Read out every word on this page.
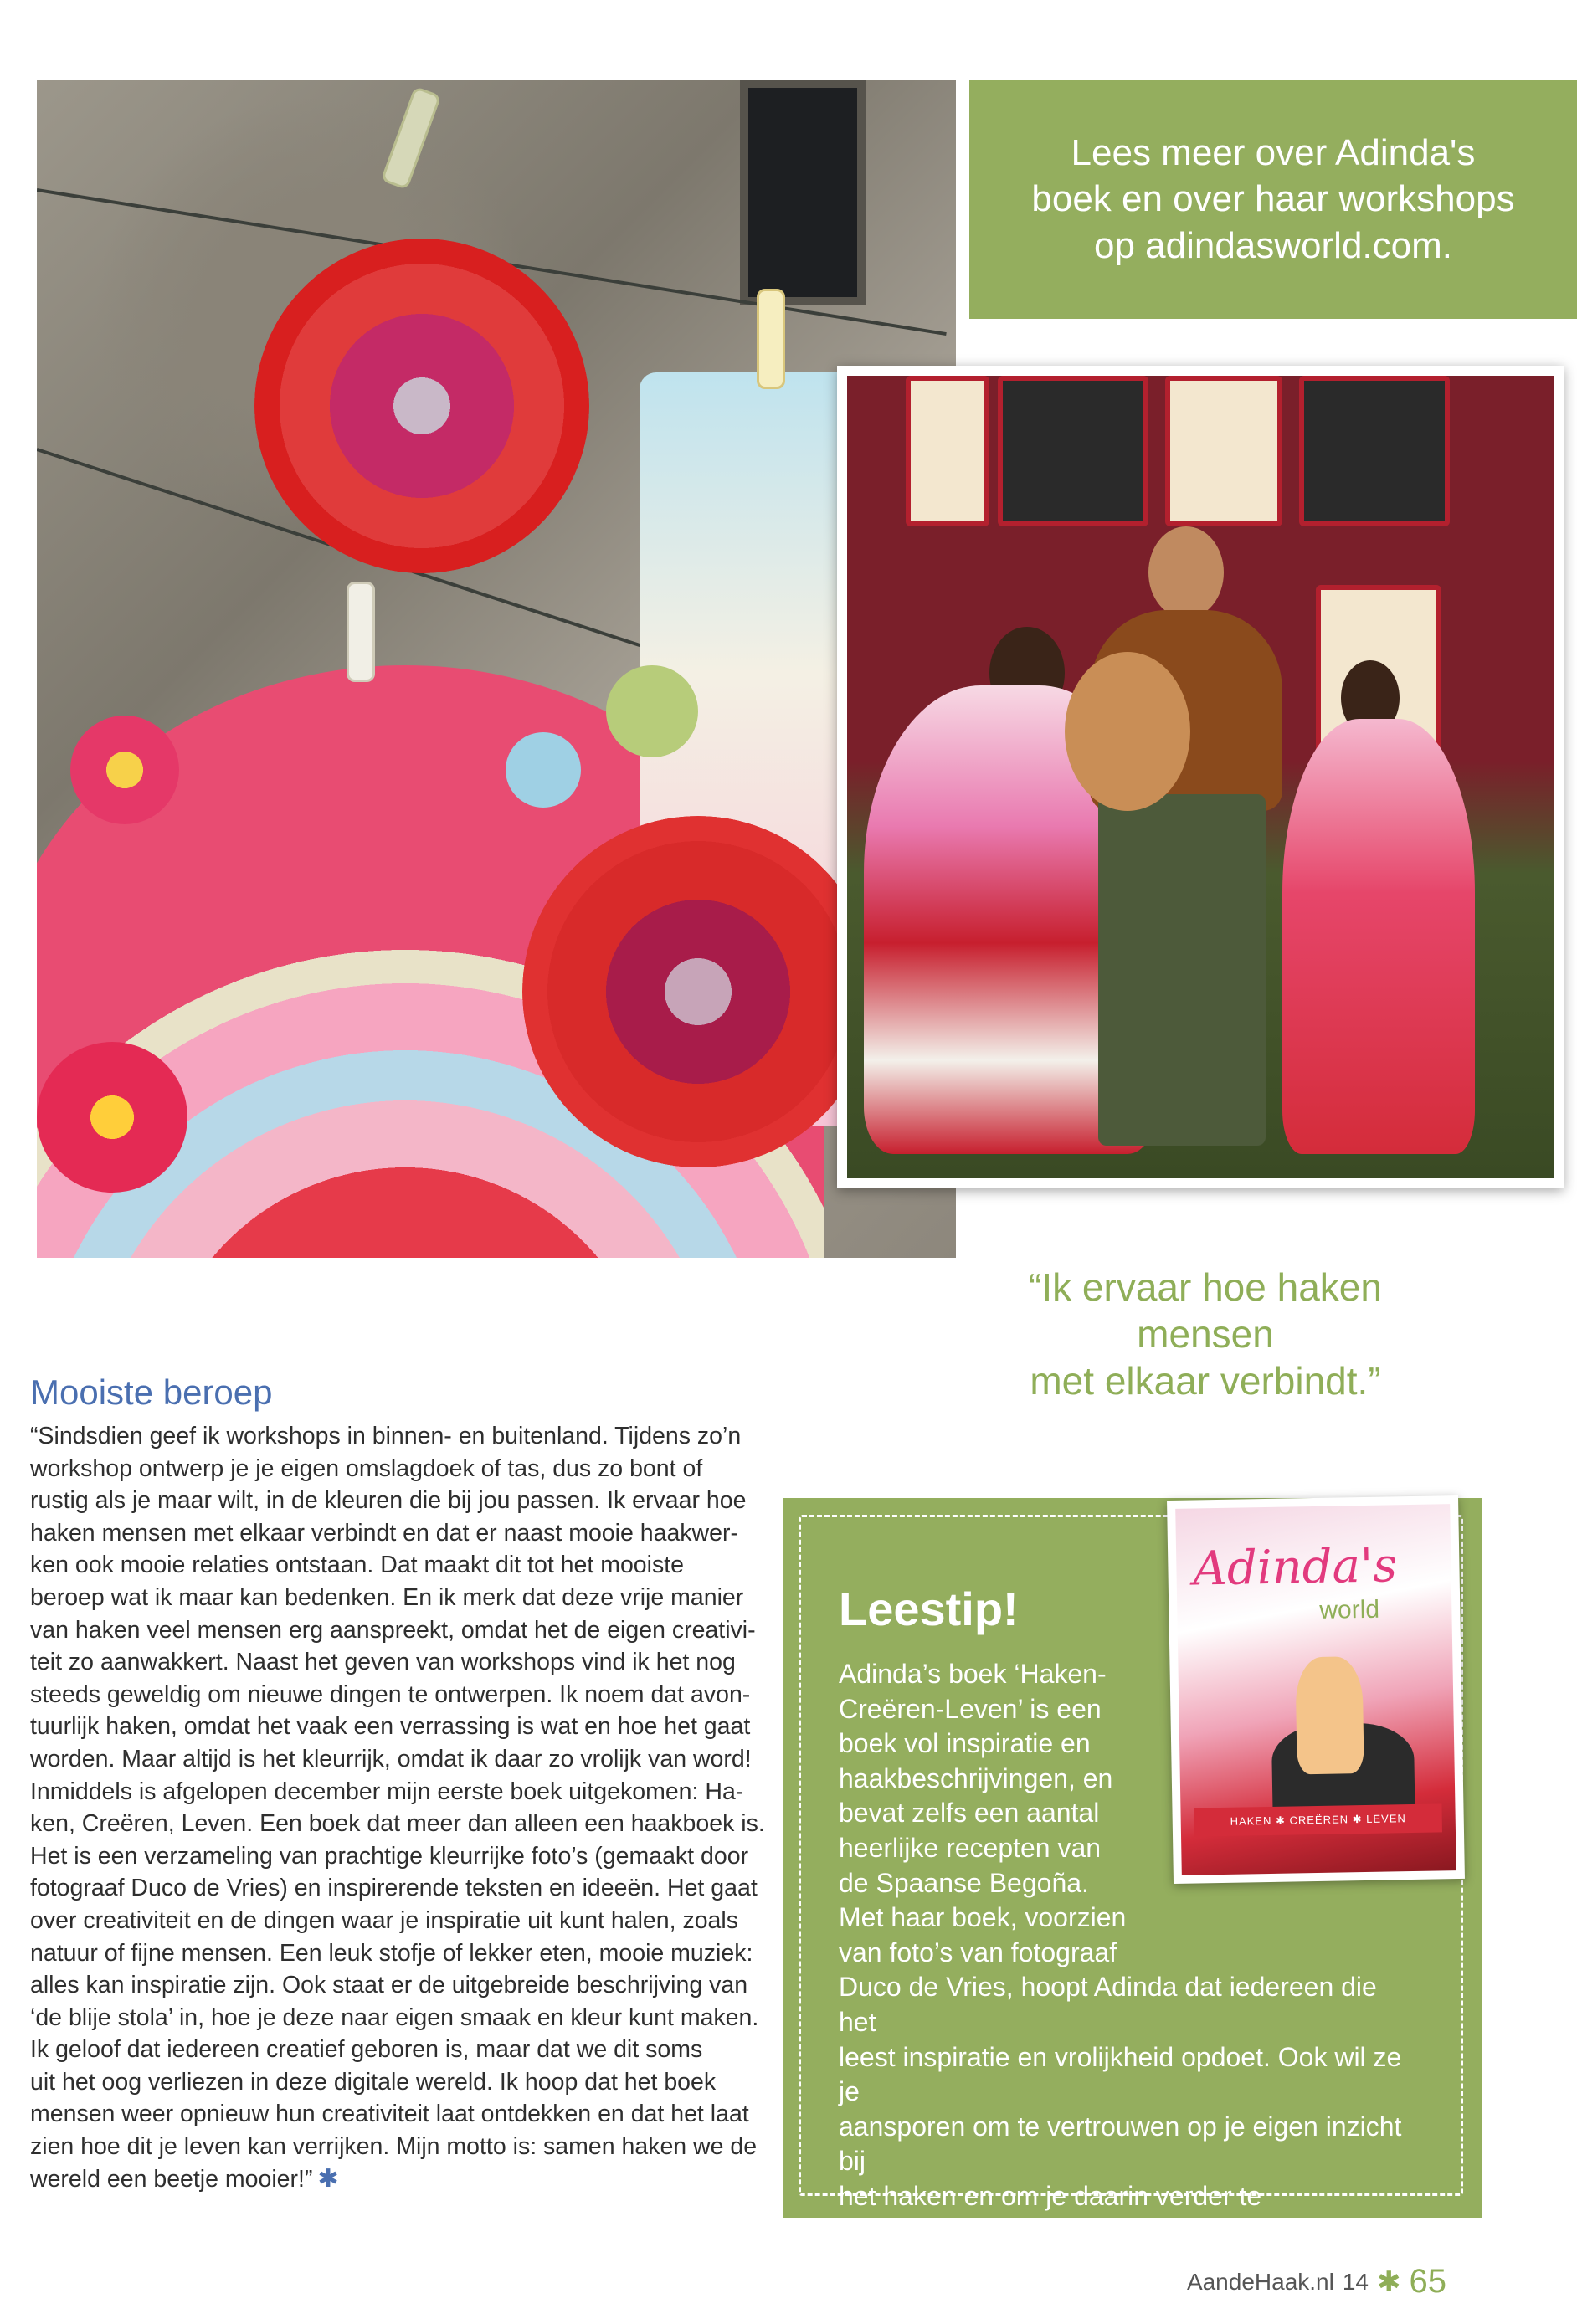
Lees meer over Adinda's
boek en over haar workshops
op adindasworld.com.
“Ik ervaar hoe haken
mensen
met elkaar verbindt.”
Mooiste beroep
“Sindsdien geef ik workshops in binnen- en buitenland. Tijdens zo’n
workshop ontwerp je je eigen omslagdoek of tas, dus zo bont of
rustig als je maar wilt, in de kleuren die bij jou passen. Ik ervaar hoe
haken mensen met elkaar verbindt en dat er naast mooie haakwer-
ken ook mooie relaties ontstaan. Dat maakt dit tot het mooiste
beroep wat ik maar kan bedenken. En ik merk dat deze vrije manier
van haken veel mensen erg aanspreekt, omdat het de eigen creativi-
teit zo aanwakkert. Naast het geven van workshops vind ik het nog
steeds geweldig om nieuwe dingen te ontwerpen. Ik noem dat avon-
tuurlijk haken, omdat het vaak een verrassing is wat en hoe het gaat
worden. Maar altijd is het kleurrijk, omdat ik daar zo vrolijk van word!
Inmiddels is afgelopen december mijn eerste boek uitgekomen: Ha-
ken, Creëren, Leven. Een boek dat meer dan alleen een haakboek is.
Het is een verzameling van prachtige kleurrijke foto’s (gemaakt door
fotograaf Duco de Vries) en inspirerende teksten en ideeën. Het gaat
over creativiteit en de dingen waar je inspiratie uit kunt halen, zoals
natuur of fijne mensen. Een leuk stofje of lekker eten, mooie muziek:
alles kan inspiratie zijn. Ook staat er de uitgebreide beschrijving van
‘de blije stola’ in, hoe je deze naar eigen smaak en kleur kunt maken.
Ik geloof dat iedereen creatief geboren is, maar dat we dit soms
uit het oog verliezen in deze digitale wereld. Ik hoop dat het boek
mensen weer opnieuw hun creativiteit laat ontdekken en dat het laat
zien hoe dit je leven kan verrijken. Mijn motto is: samen haken we de
wereld een beetje mooier!” ✱
Leestip!
Adinda’s boek ‘Haken-
Creëren-Leven’ is een
boek vol inspiratie en
haakbeschrijvingen, en
bevat zelfs een aantal
heerlijke recepten van
de Spaanse Begoña.
Met haar boek, voorzien
van foto’s van fotograaf
Duco de Vries, hoopt Adinda dat iedereen die het
leest inspiratie en vrolijkheid opdoet. Ook wil ze je
aansporen om te vertrouwen op je eigen inzicht bij
het haken en om je daarin verder te ontwikkelen.
Het boek kost €29.95.
Adinda's
world
HAKEN ✱ CREËREN ✱ LEVEN
AandeHaak.nl 14 ✱ 65
